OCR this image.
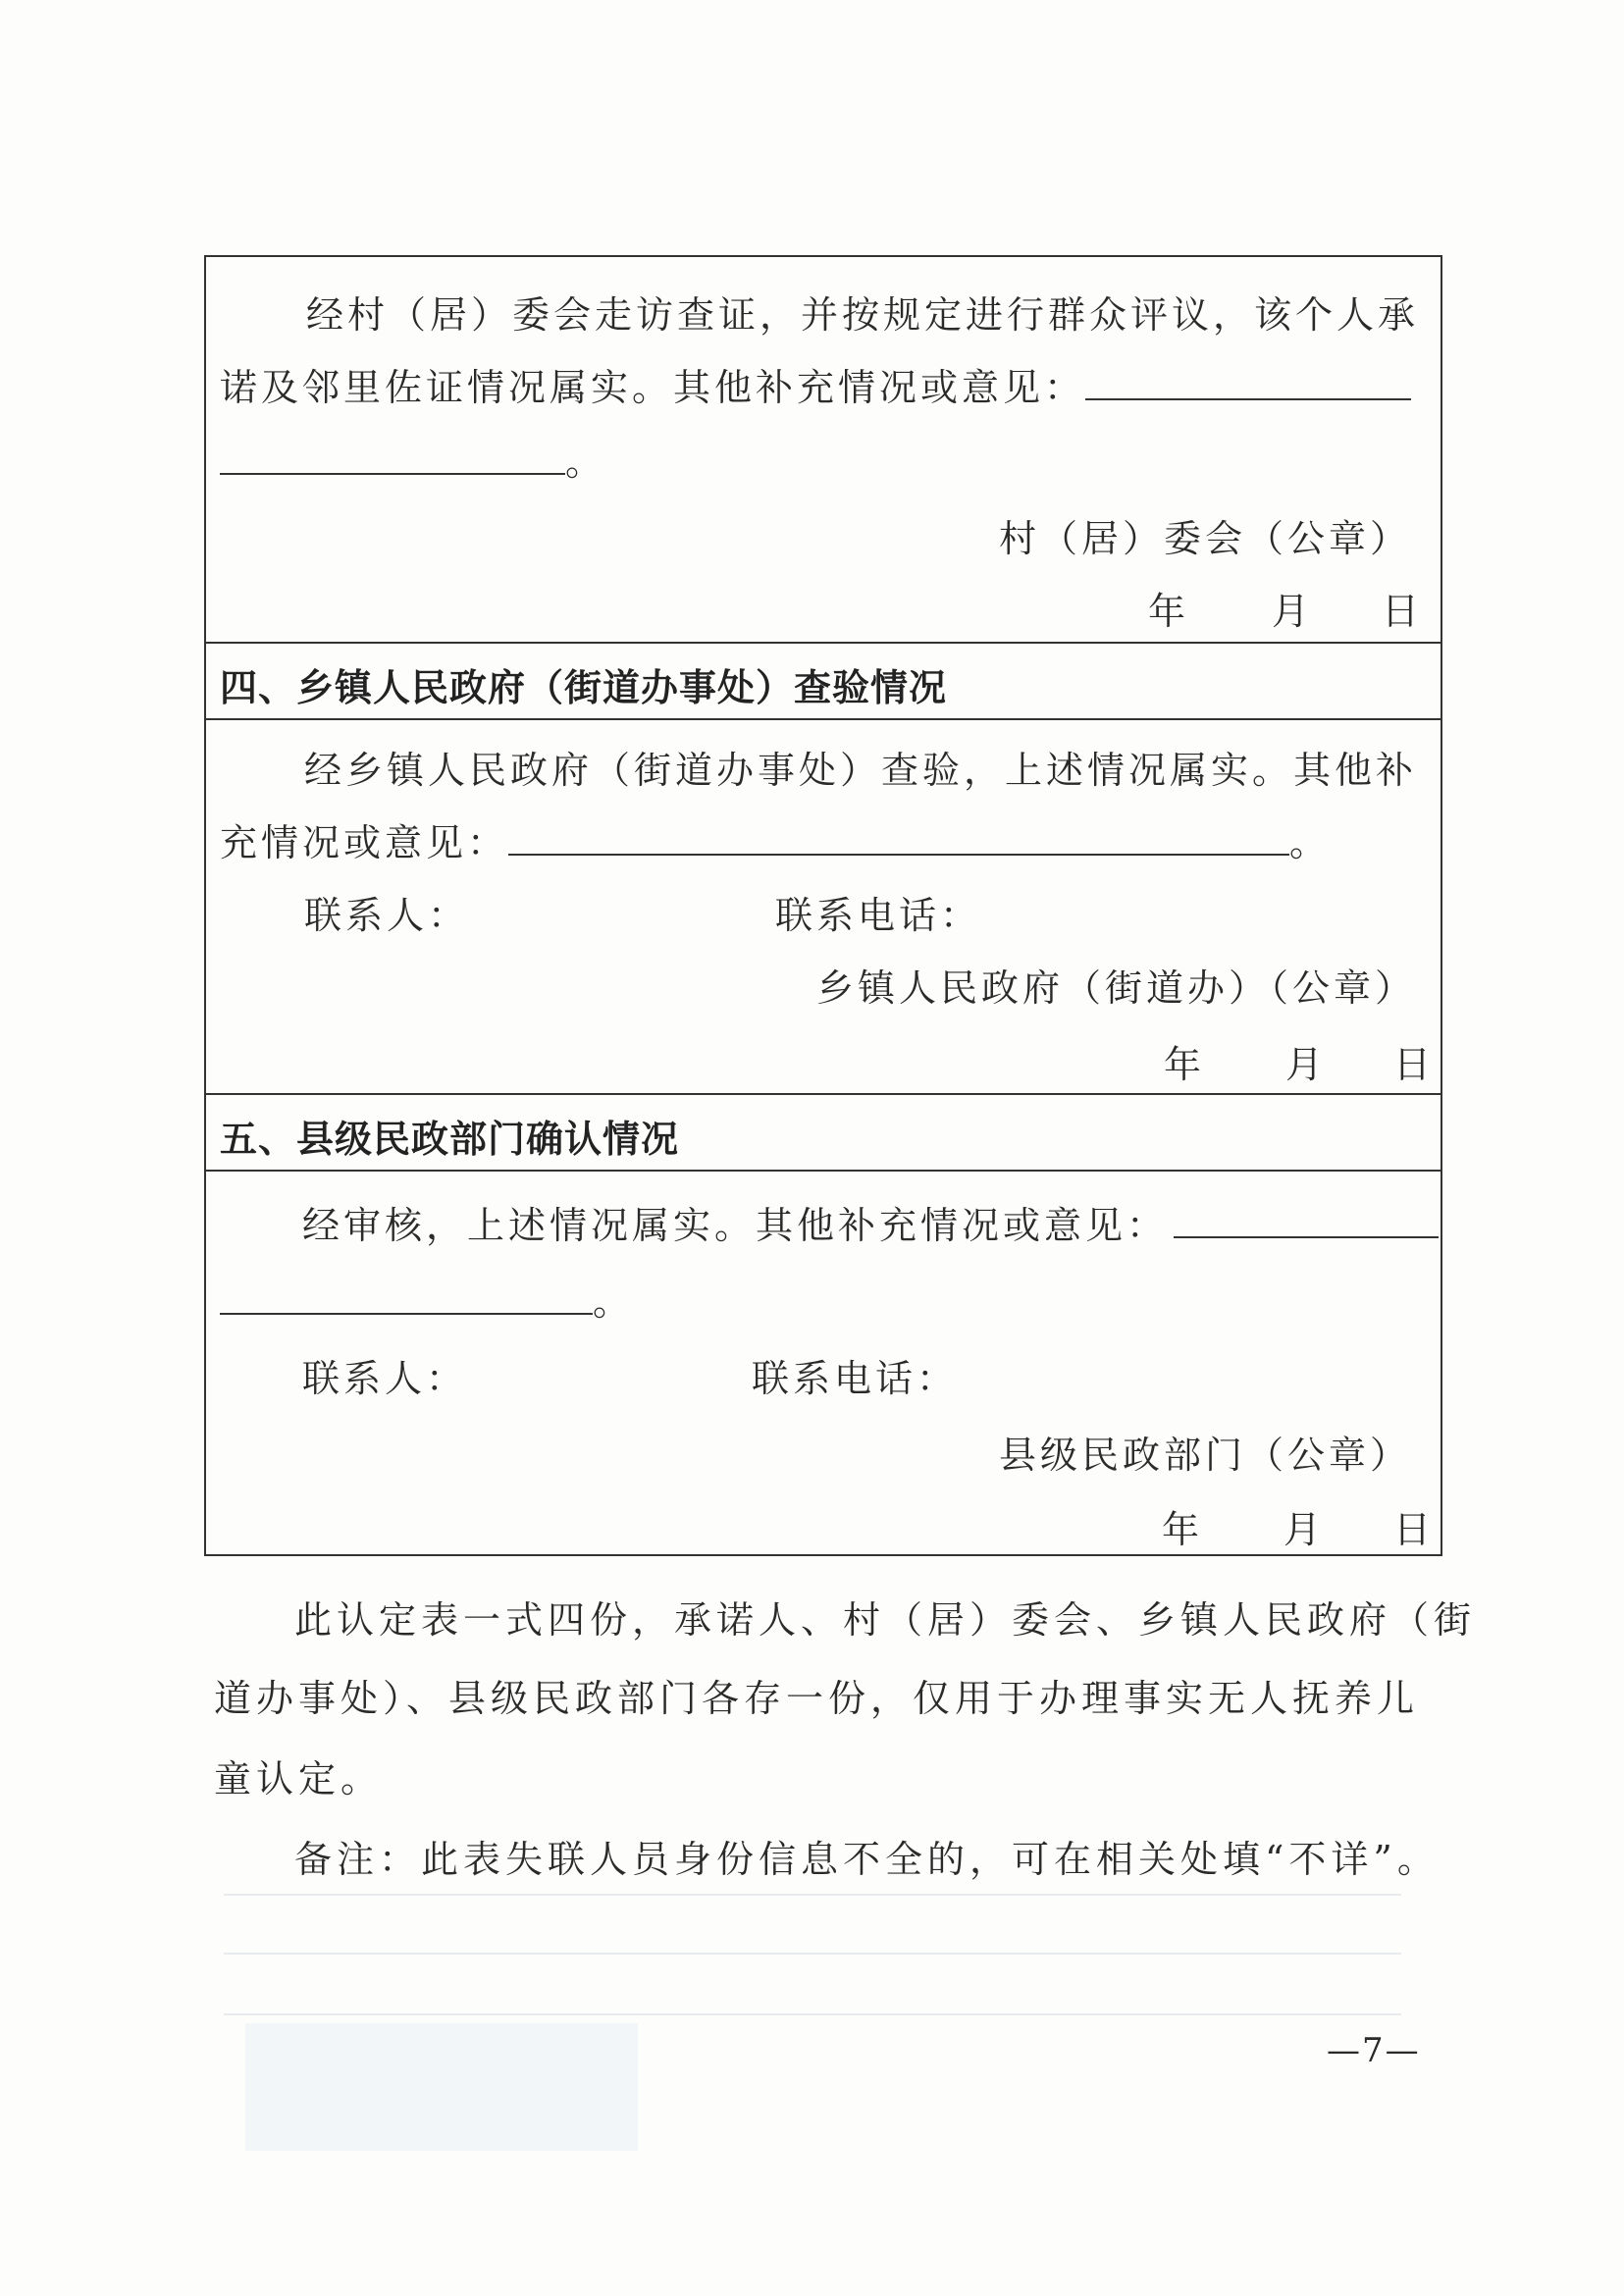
经村（居）委会走访查证，并按规定进行群众评议，该个人承
诺及邻里佐证情况属实。其他补充情况或意见：
。
村（居）委会（公章）
年 月 日
四、乡镇人民政府（街道办事处）查验情况
经乡镇人民政府（街道办事处）查验，上述情况属实。其他补
充情况或意见：	。
联系人：	联系电话：
乡镇人民政府（街道办）（公章）
年 月 日
五、县级民政部门确认情况
经审核，上述情况属实。其他补充情况或意见：
。
联系人：	联系电话：
县级民政部门（公章）
年 月 日
此认定表一式四份，承诺人、村（居）委会、乡镇人民政府（街
道办事处）、县级民政部门各存一份，仅用于办理事实无人抚养儿
童认定。
备注：此表失联人员身份信息不全的，可在相关处填“不详”。
—7—
